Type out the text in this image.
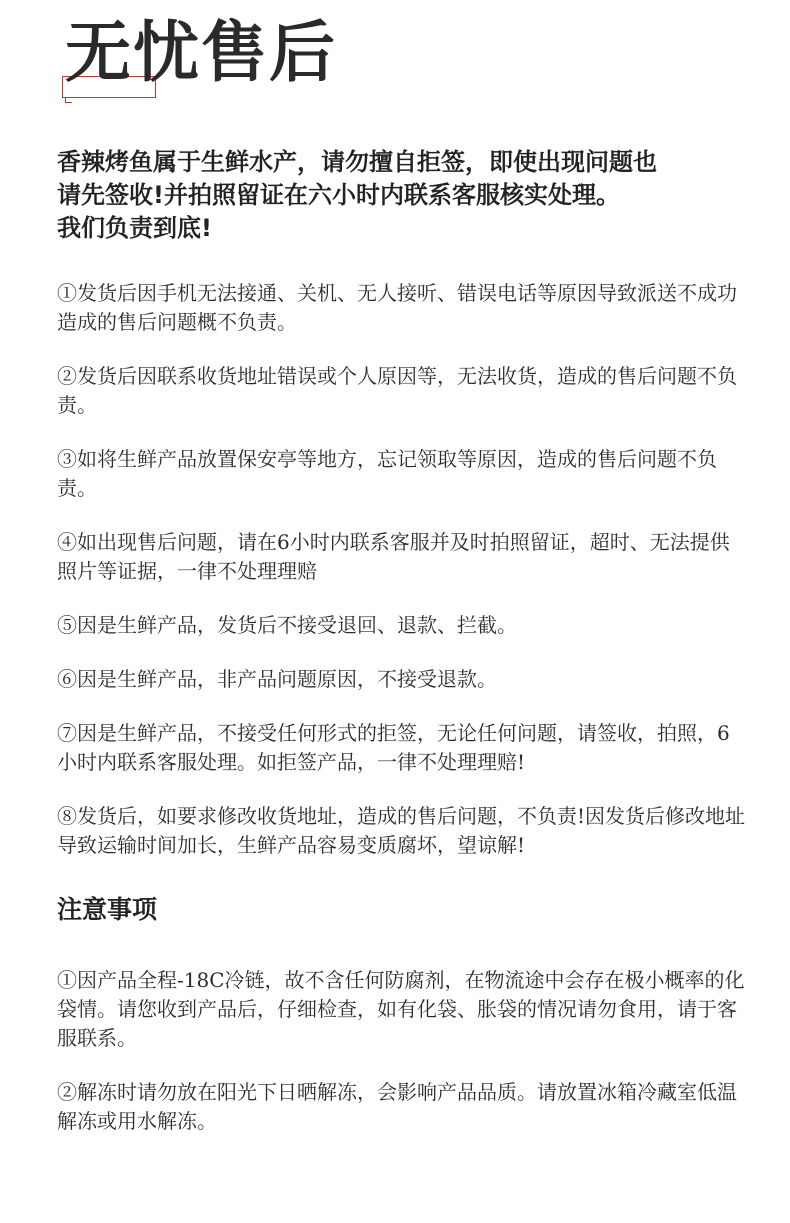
无忧售后
香辣烤鱼属于生鲜水产，请勿擅自拒签，即使出现问题也
请先签收!并拍照留证在六小时内联系客服核实处理。
我们负责到底!
①发货后因手机无法接通、关机、无人接听、错误电话等原因导致派送不成功造成的售后问题概不负责。
②发货后因联系收货地址错误或个人原因等，无法收货，造成的售后问题不负责。
③如将生鲜产品放置保安亭等地方，忘记领取等原因，造成的售后问题不负责。
④如出现售后问题，请在6小时内联系客服并及时拍照留证，超时、无法提供照片等证据，一律不处理理赔
⑤因是生鲜产品，发货后不接受退回、退款、拦截。
⑥因是生鲜产品，非产品问题原因，不接受退款。
⑦因是生鲜产品，不接受任何形式的拒签，无论任何问题，请签收，拍照，6小时内联系客服处理。如拒签产品，一律不处理理赔!
⑧发货后，如要求修改收货地址，造成的售后问题，不负责!因发货后修改地址导致运输时间加长，生鲜产品容易变质腐坏，望谅解!
注意事项
①因产品全程-18C冷链，故不含任何防腐剂，在物流途中会存在极小概率的化袋情。请您收到产品后，仔细检查，如有化袋、胀袋的情况请勿食用，请于客服联系。
②解冻时请勿放在阳光下日晒解冻，会影响产品品质。请放置冰箱冷藏室低温解冻或用水解冻。
